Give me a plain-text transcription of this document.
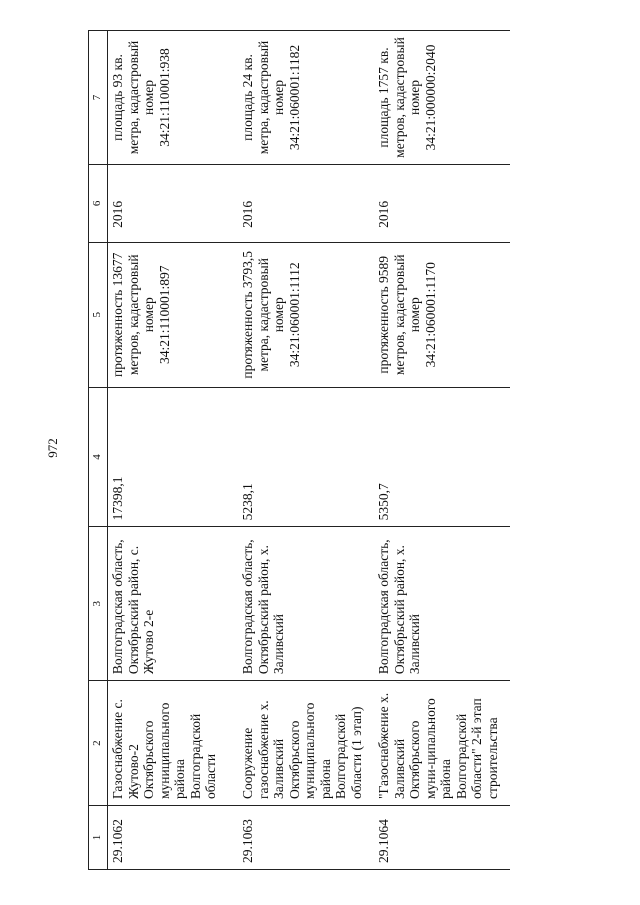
972
1	2	3	4	5	6	7
29.1062	Газоснабжение с. Жутово-2 Октябрьского муниципального района Волгоградской области	Волгоградская область, Октябрьский район, с. Жутово 2-е	17398,1	протяженность 13677 метров, кадастровый номер 34:21:110001:897	2016	площадь 93 кв. метра, кадастровый номер 34:21:110001:938
29.1063	Сооружение газоснабжение х. Заливский Октябрьского муниципального района Волгоградской области (1 этап)	Волгоградская область, Октябрьский район, х. Заливский	5238,1	протяженность 3793,5 метра, кадастровый номер 34:21:060001:1112	2016	площадь 24 кв. метра, кадастровый номер 34:21:060001:1182
29.1064	"Газоснабжение х. Заливский Октябрьского муни-ципального района Волгоградской области" 2-й этап строительства	Волгоградская область, Октябрьский район, х. Заливский	5350,7	протяженность 9589 метров, кадастровый номер 34:21:060001:1170	2016	площадь 1757 кв. метров, кадастровый номер 34:21:000000:2040
